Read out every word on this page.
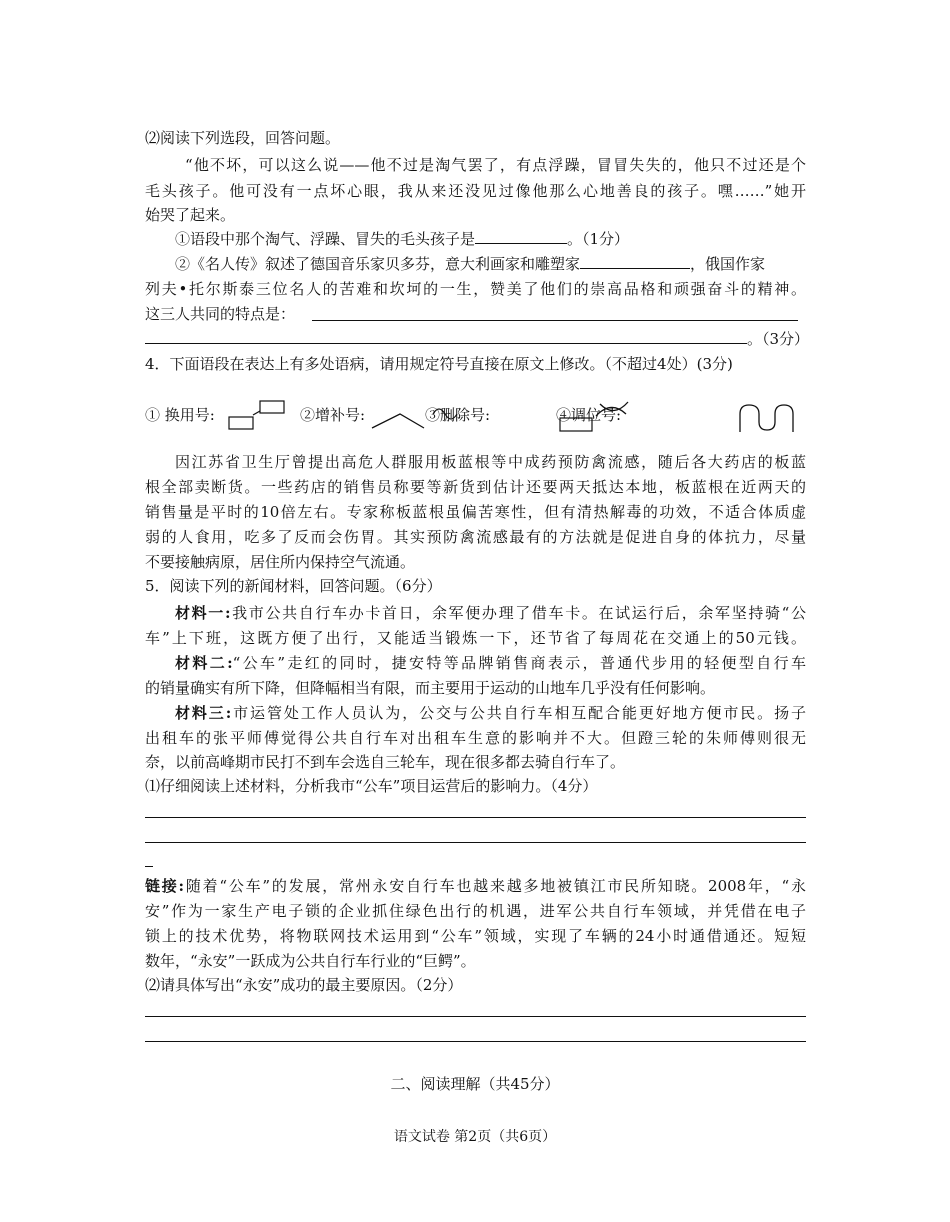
⑵阅读下列选段，回答问题。
“他不坏，可以这么说——他不过是淘气罢了，有点浮躁，冒冒失失的，他只不过还是个
毛头孩子。他可没有一点坏心眼，我从来还没见过像他那么心地善良的孩子。嘿……”她开
始哭了起来。
①语段中那个淘气、浮躁、冒失的毛头孩子是	。（1分）
②《名人传》叙述了德国音乐家贝多芬，意大利画家和雕塑家	，俄国作家
列夫•托尔斯泰三位名人的苦难和坎坷的一生，赞美了他们的崇高品格和顽强奋斗的精神。
这三人共同的特点是：
。（3分）
4．下面语段在表达上有多处语病，请用规定符号直接在原文上修改。（不超过4处）(3分)
① 换用号:	②增补号:	③删除号:	④调位号:
因江苏省卫生厅曾提出高危人群服用板蓝根等中成药预防禽流感，随后各大药店的板蓝
根全部卖断货。一些药店的销售员称要等新货到估计还要两天抵达本地，板蓝根在近两天的
销售量是平时的10倍左右。专家称板蓝根虽偏苦寒性，但有清热解毒的功效，不适合体质虚
弱的人食用，吃多了反而会伤胃。其实预防禽流感最有的方法就是促进自身的体抗力，尽量
不要接触病原，居住所内保持空气流通。
5．阅读下列的新闻材料，回答问题。（6分）
材料一:我市公共自行车办卡首日，余军便办理了借车卡。在试运行后，余军坚持骑“公
车”上下班，这既方便了出行，又能适当锻炼一下，还节省了每周花在交通上的50元钱。
材料二:“公车”走红的同时，捷安特等品牌销售商表示，普通代步用的轻便型自行车
的销量确实有所下降，但降幅相当有限，而主要用于运动的山地车几乎没有任何影响。
材料三:市运管处工作人员认为，公交与公共自行车相互配合能更好地方便市民。扬子
出租车的张平师傅觉得公共自行车对出租车生意的影响并不大。但蹬三轮的朱师傅则很无
奈，以前高峰期市民打不到车会选自三轮车，现在很多都去骑自行车了。
⑴仔细阅读上述材料，分析我市“公车”项目运营后的影响力。（4分）
链接:随着“公车”的发展，常州永安自行车也越来越多地被镇江市民所知晓。2008年，“永
安”作为一家生产电子锁的企业抓住绿色出行的机遇，进军公共自行车领域，并凭借在电子
锁上的技术优势，将物联网技术运用到“公车”领域，实现了车辆的24小时通借通还。短短
数年，“永安”一跃成为公共自行车行业的“巨鳄”。
⑵请具体写出“永安”成功的最主要原因。（2分）
二、阅读理解（共45分）
语文试卷 第2页（共6页）
